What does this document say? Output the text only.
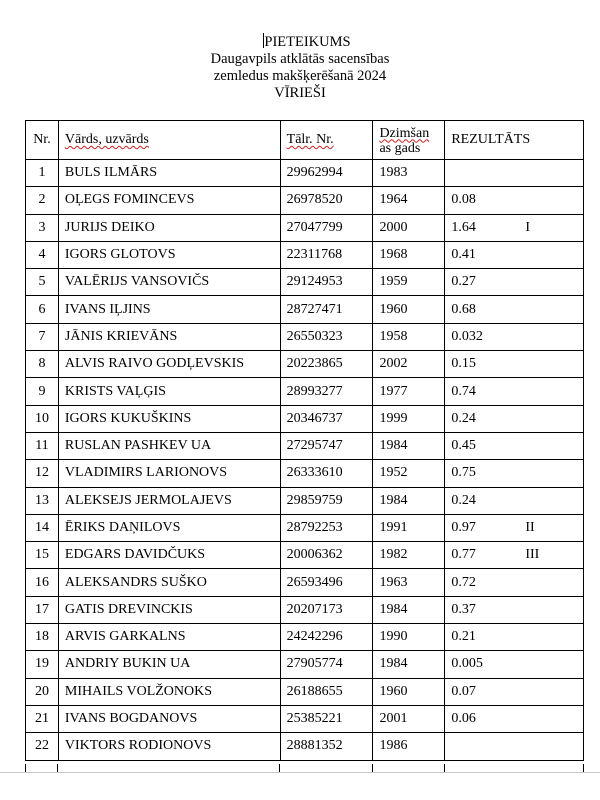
PIETEIKUMS
Daugavpils atklātās sacensības
zemledus makšķerēšanā 2024
VĪRIEŠI
Nr.	Vārds, uzvārds	Tālr. Nr.	Dzimšan
as gads	REZULTĀTS
1	BULS ILMĀRS	29962994	1983	

2	OĻEGS FOMINCEVS	26978520	1964	0.08

3	JURIJS DEIKO	27047799	2000	1.64 I

4	IGORS GLOTOVS	22311768	1968	0.41

5	VALĒRIJS VANSOVIČS	29124953	1959	0.27

6	IVANS IĻJINS	28727471	1960	0.68

7	JĀNIS KRIEVĀNS	26550323	1958	0.032

8	ALVIS RAIVO GODĻEVSKIS	20223865	2002	0.15

9	KRISTS VAĻĢIS	28993277	1977	0.74

10	IGORS KUKUŠKINS	20346737	1999	0.24

11	RUSLAN PASHKEV UA	27295747	1984	0.45

12	VLADIMIRS LARIONOVS	26333610	1952	0.75

13	ALEKSEJS JERMOLAJEVS	29859759	1984	0.24

14	ĒRIKS DAŅILOVS	28792253	1991	0.97 II

15	EDGARS DAVIDČUKS	20006362	1982	0.77 III

16	ALEKSANDRS SUŠKO	26593496	1963	0.72

17	GATIS DREVINCKIS	20207173	1984	0.37

18	ARVIS GARKALNS	24242296	1990	0.21

19	ANDRIY BUKIN UA	27905774	1984	0.005

20	MIHAILS VOLŽONOKS	26188655	1960	0.07

21	IVANS BOGDANOVS	25385221	2001	0.06

22	VIKTORS RODIONOVS	28881352	1986	
